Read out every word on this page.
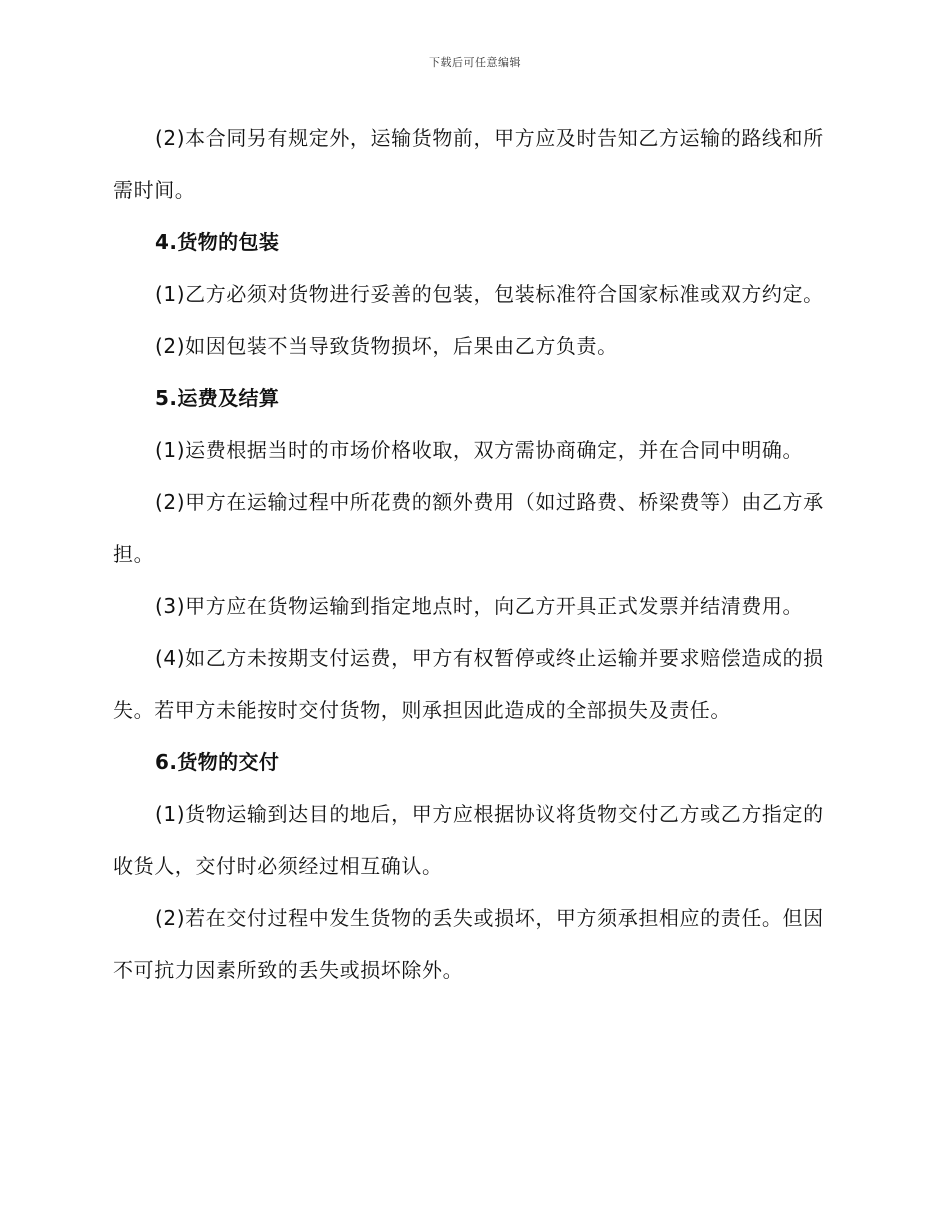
下载后可任意编辑

(2)本合同另有规定外，运输货物前，甲方应及时告知乙方运输的路线和所需时间。

4.货物的包装

(1)乙方必须对货物进行妥善的包装，包装标准符合国家标准或双方约定。

(2)如因包装不当导致货物损坏，后果由乙方负责。

5.运费及结算

(1)运费根据当时的市场价格收取，双方需协商确定，并在合同中明确。

(2)甲方在运输过程中所花费的额外费用（如过路费、桥梁费等）由乙方承担。

(3)甲方应在货物运输到指定地点时，向乙方开具正式发票并结清费用。

(4)如乙方未按期支付运费，甲方有权暂停或终止运输并要求赔偿造成的损失。若甲方未能按时交付货物，则承担因此造成的全部损失及责任。

6.货物的交付

(1)货物运输到达目的地后，甲方应根据协议将货物交付乙方或乙方指定的收货人，交付时必须经过相互确认。

(2)若在交付过程中发生货物的丢失或损坏，甲方须承担相应的责任。但因不可抗力因素所致的丢失或损坏除外。
